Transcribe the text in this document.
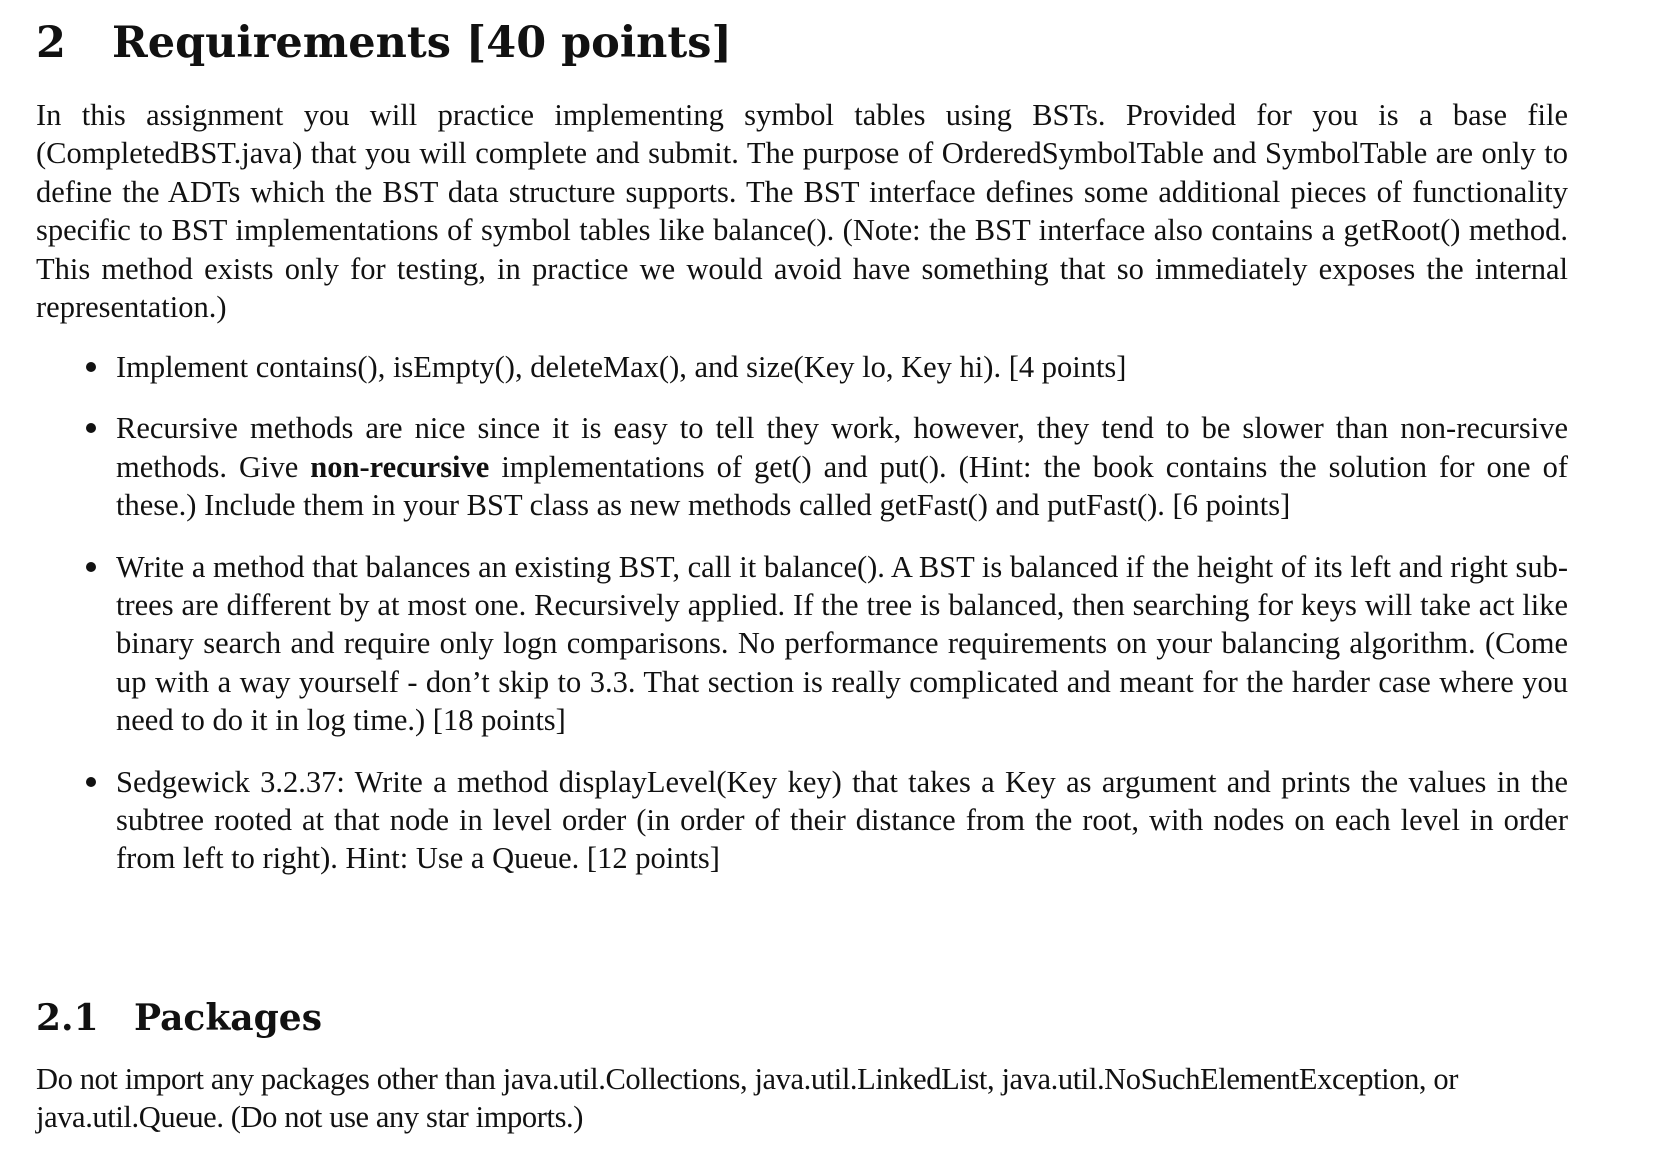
2 Requirements [40 points]

In this assignment you will practice implementing symbol tables using BSTs. Provided for you is a base file (CompletedBST.java) that you will complete and submit. The purpose of OrderedSymbolTable and SymbolTable are only to define the ADTs which the BST data structure supports. The BST interface defines some additional pieces of functionality specific to BST implementations of symbol tables like balance(). (Note: the BST interface also contains a getRoot() method. This method exists only for testing, in practice we would avoid have something that so immediately exposes the internal representation.)

Implement contains(), isEmpty(), deleteMax(), and size(Key lo, Key hi). [4 points]

Recursive methods are nice since it is easy to tell they work, however, they tend to be slower than non-recursive methods. Give non-recursive implementations of get() and put(). (Hint: the book contains the solution for one of these.) Include them in your BST class as new methods called getFast() and putFast(). [6 points]

Write a method that balances an existing BST, call it balance(). A BST is balanced if the height of its left and right sub-trees are different by at most one. Recursively applied. If the tree is balanced, then searching for keys will take act like binary search and require only logn comparisons. No performance requirements on your balancing algorithm. (Come up with a way yourself - don’t skip to 3.3. That section is really complicated and meant for the harder case where you need to do it in log time.) [18 points]

Sedgewick 3.2.37: Write a method displayLevel(Key key) that takes a Key as argument and prints the values in the subtree rooted at that node in level order (in order of their distance from the root, with nodes on each level in order from left to right). Hint: Use a Queue. [12 points]

2.1 Packages

Do not import any packages other than java.util.Collections, java.util.LinkedList, java.util.NoSuchElementException, or java.util.Queue. (Do not use any star imports.)
